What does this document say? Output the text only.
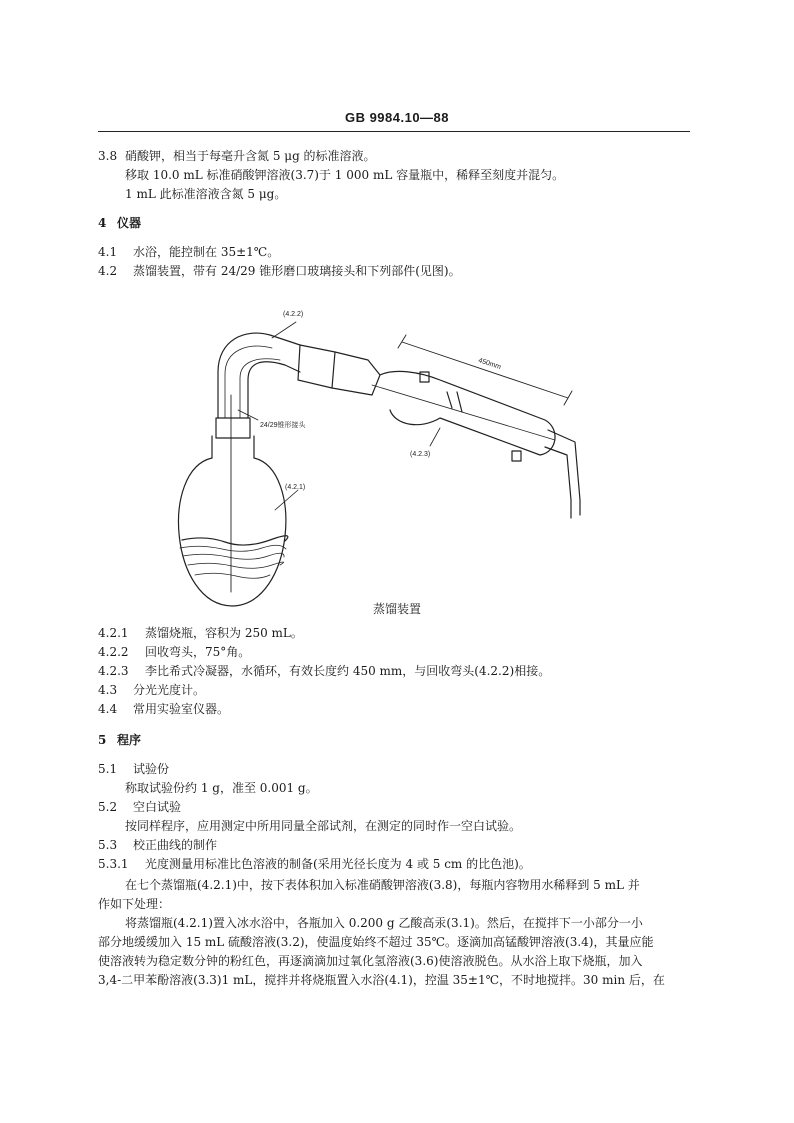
GB 9984.10—88
3.8 硝酸钾，相当于每毫升含氮 5 μg 的标准溶液。
移取 10.0 mL 标准硝酸钾溶液(3.7)于 1 000 mL 容量瓶中，稀释至刻度并混匀。
1 mL 此标准溶液含氮 5 μg。
4 仪器
4.1 水浴，能控制在 35±1℃。
4.2 蒸馏装置，带有 24/29 锥形磨口玻璃接头和下列部件(见图)。
(4.2.2)
24/29锥形接头
(4.2.1)
(4.2.3)
450mm
蒸馏装置
4.2.1 蒸馏烧瓶，容积为 250 mL。
4.2.2 回收弯头，75°角。
4.2.3 李比希式冷凝器，水循环，有效长度约 450 mm，与回收弯头(4.2.2)相接。
4.3 分光光度计。
4.4 常用实验室仪器。
5 程序
5.1 试验份
称取试验份约 1 g，准至 0.001 g。
5.2 空白试验
按同样程序，应用测定中所用同量全部试剂，在测定的同时作一空白试验。
5.3 校正曲线的制作
5.3.1 光度测量用标准比色溶液的制备(采用光径长度为 4 或 5 cm 的比色池)。
在七个蒸馏瓶(4.2.1)中，按下表体积加入标准硝酸钾溶液(3.8)，每瓶内容物用水稀释到 5 mL 并
作如下处理：
将蒸馏瓶(4.2.1)置入冰水浴中，各瓶加入 0.200 g 乙酸高汞(3.1)。然后，在搅拌下一小部分一小
部分地缓缓加入 15 mL 硫酸溶液(3.2)，使温度始终不超过 35℃。逐滴加高锰酸钾溶液(3.4)，其量应能
使溶液转为稳定数分钟的粉红色，再逐滴滴加过氧化氢溶液(3.6)使溶液脱色。从水浴上取下烧瓶，加入
3,4-二甲苯酚溶液(3.3)1 mL，搅拌并将烧瓶置入水浴(4.1)，控温 35±1℃，不时地搅拌。30 min 后，在
